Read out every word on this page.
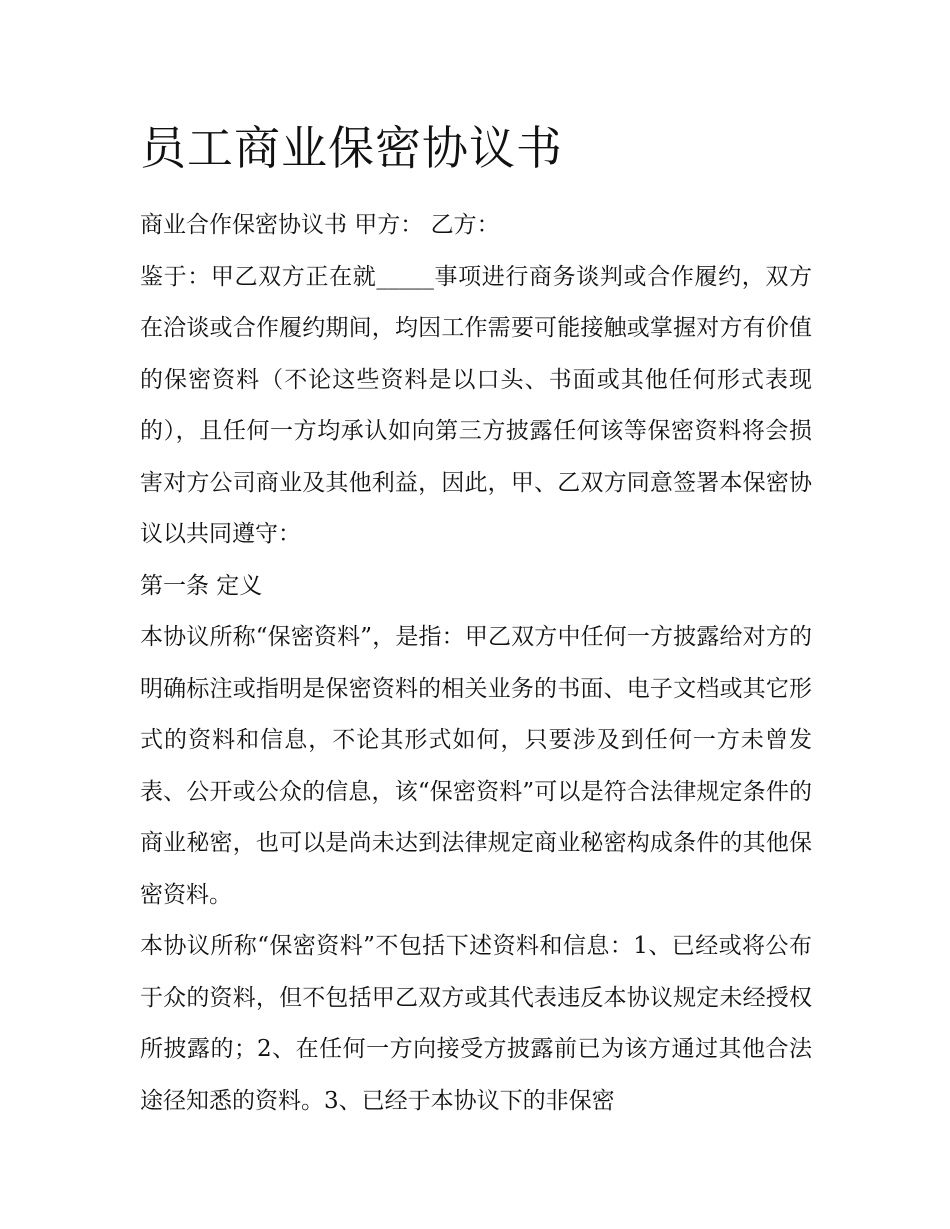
员工商业保密协议书

商业合作保密协议书 甲方： 乙方：

鉴于：甲乙双方正在就_____事项进行商务谈判或合作履约，双方在洽谈或合作履约期间，均因工作需要可能接触或掌握对方有价值的保密资料（不论这些资料是以口头、书面或其他任何形式表现的），且任何一方均承认如向第三方披露任何该等保密资料将会损害对方公司商业及其他利益，因此，甲、乙双方同意签署本保密协议以共同遵守：

第一条 定义

本协议所称“保密资料”，是指：甲乙双方中任何一方披露给对方的明确标注或指明是保密资料的相关业务的书面、电子文档或其它形式的资料和信息，不论其形式如何，只要涉及到任何一方未曾发表、公开或公众的信息，该“保密资料”可以是符合法律规定条件的商业秘密，也可以是尚未达到法律规定商业秘密构成条件的其他保密资料。

本协议所称“保密资料”不包括下述资料和信息：1、已经或将公布于众的资料，但不包括甲乙双方或其代表违反本协议规定未经授权所披露的；2、在任何一方向接受方披露前已为该方通过其他合法途径知悉的资料。3、已经于本协议下的非保密
